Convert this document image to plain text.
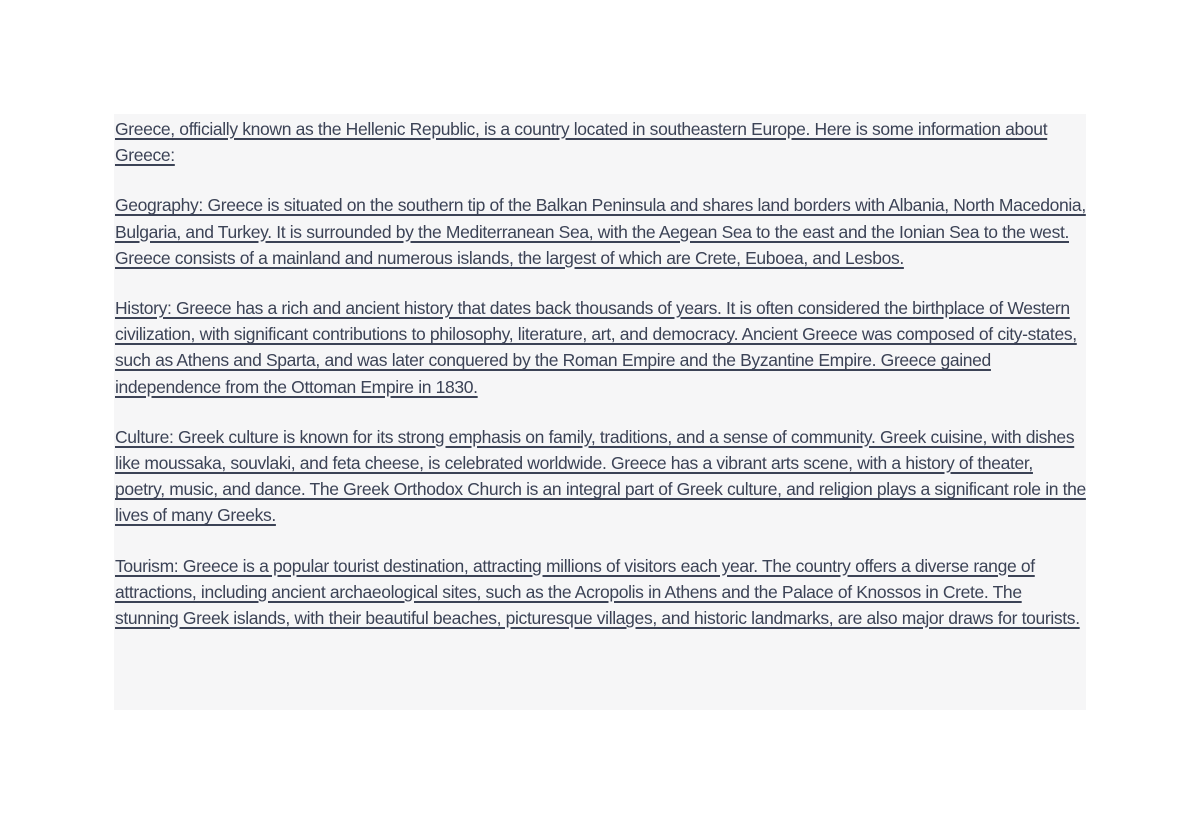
Greece, officially known as the Hellenic Republic, is a country located in southeastern Europe. Here is some information about Greece:

Geography: Greece is situated on the southern tip of the Balkan Peninsula and shares land borders with Albania, North Macedonia, Bulgaria, and Turkey. It is surrounded by the Mediterranean Sea, with the Aegean Sea to the east and the Ionian Sea to the west. Greece consists of a mainland and numerous islands, the largest of which are Crete, Euboea, and Lesbos.

History: Greece has a rich and ancient history that dates back thousands of years. It is often considered the birthplace of Western civilization, with significant contributions to philosophy, literature, art, and democracy. Ancient Greece was composed of city-states, such as Athens and Sparta, and was later conquered by the Roman Empire and the Byzantine Empire. Greece gained independence from the Ottoman Empire in 1830.

Culture: Greek culture is known for its strong emphasis on family, traditions, and a sense of community. Greek cuisine, with dishes like moussaka, souvlaki, and feta cheese, is celebrated worldwide. Greece has a vibrant arts scene, with a history of theater, poetry, music, and dance. The Greek Orthodox Church is an integral part of Greek culture, and religion plays a significant role in the lives of many Greeks.

Tourism: Greece is a popular tourist destination, attracting millions of visitors each year. The country offers a diverse range of attractions, including ancient archaeological sites, such as the Acropolis in Athens and the Palace of Knossos in Crete. The stunning Greek islands, with their beautiful beaches, picturesque villages, and historic landmarks, are also major draws for tourists.
